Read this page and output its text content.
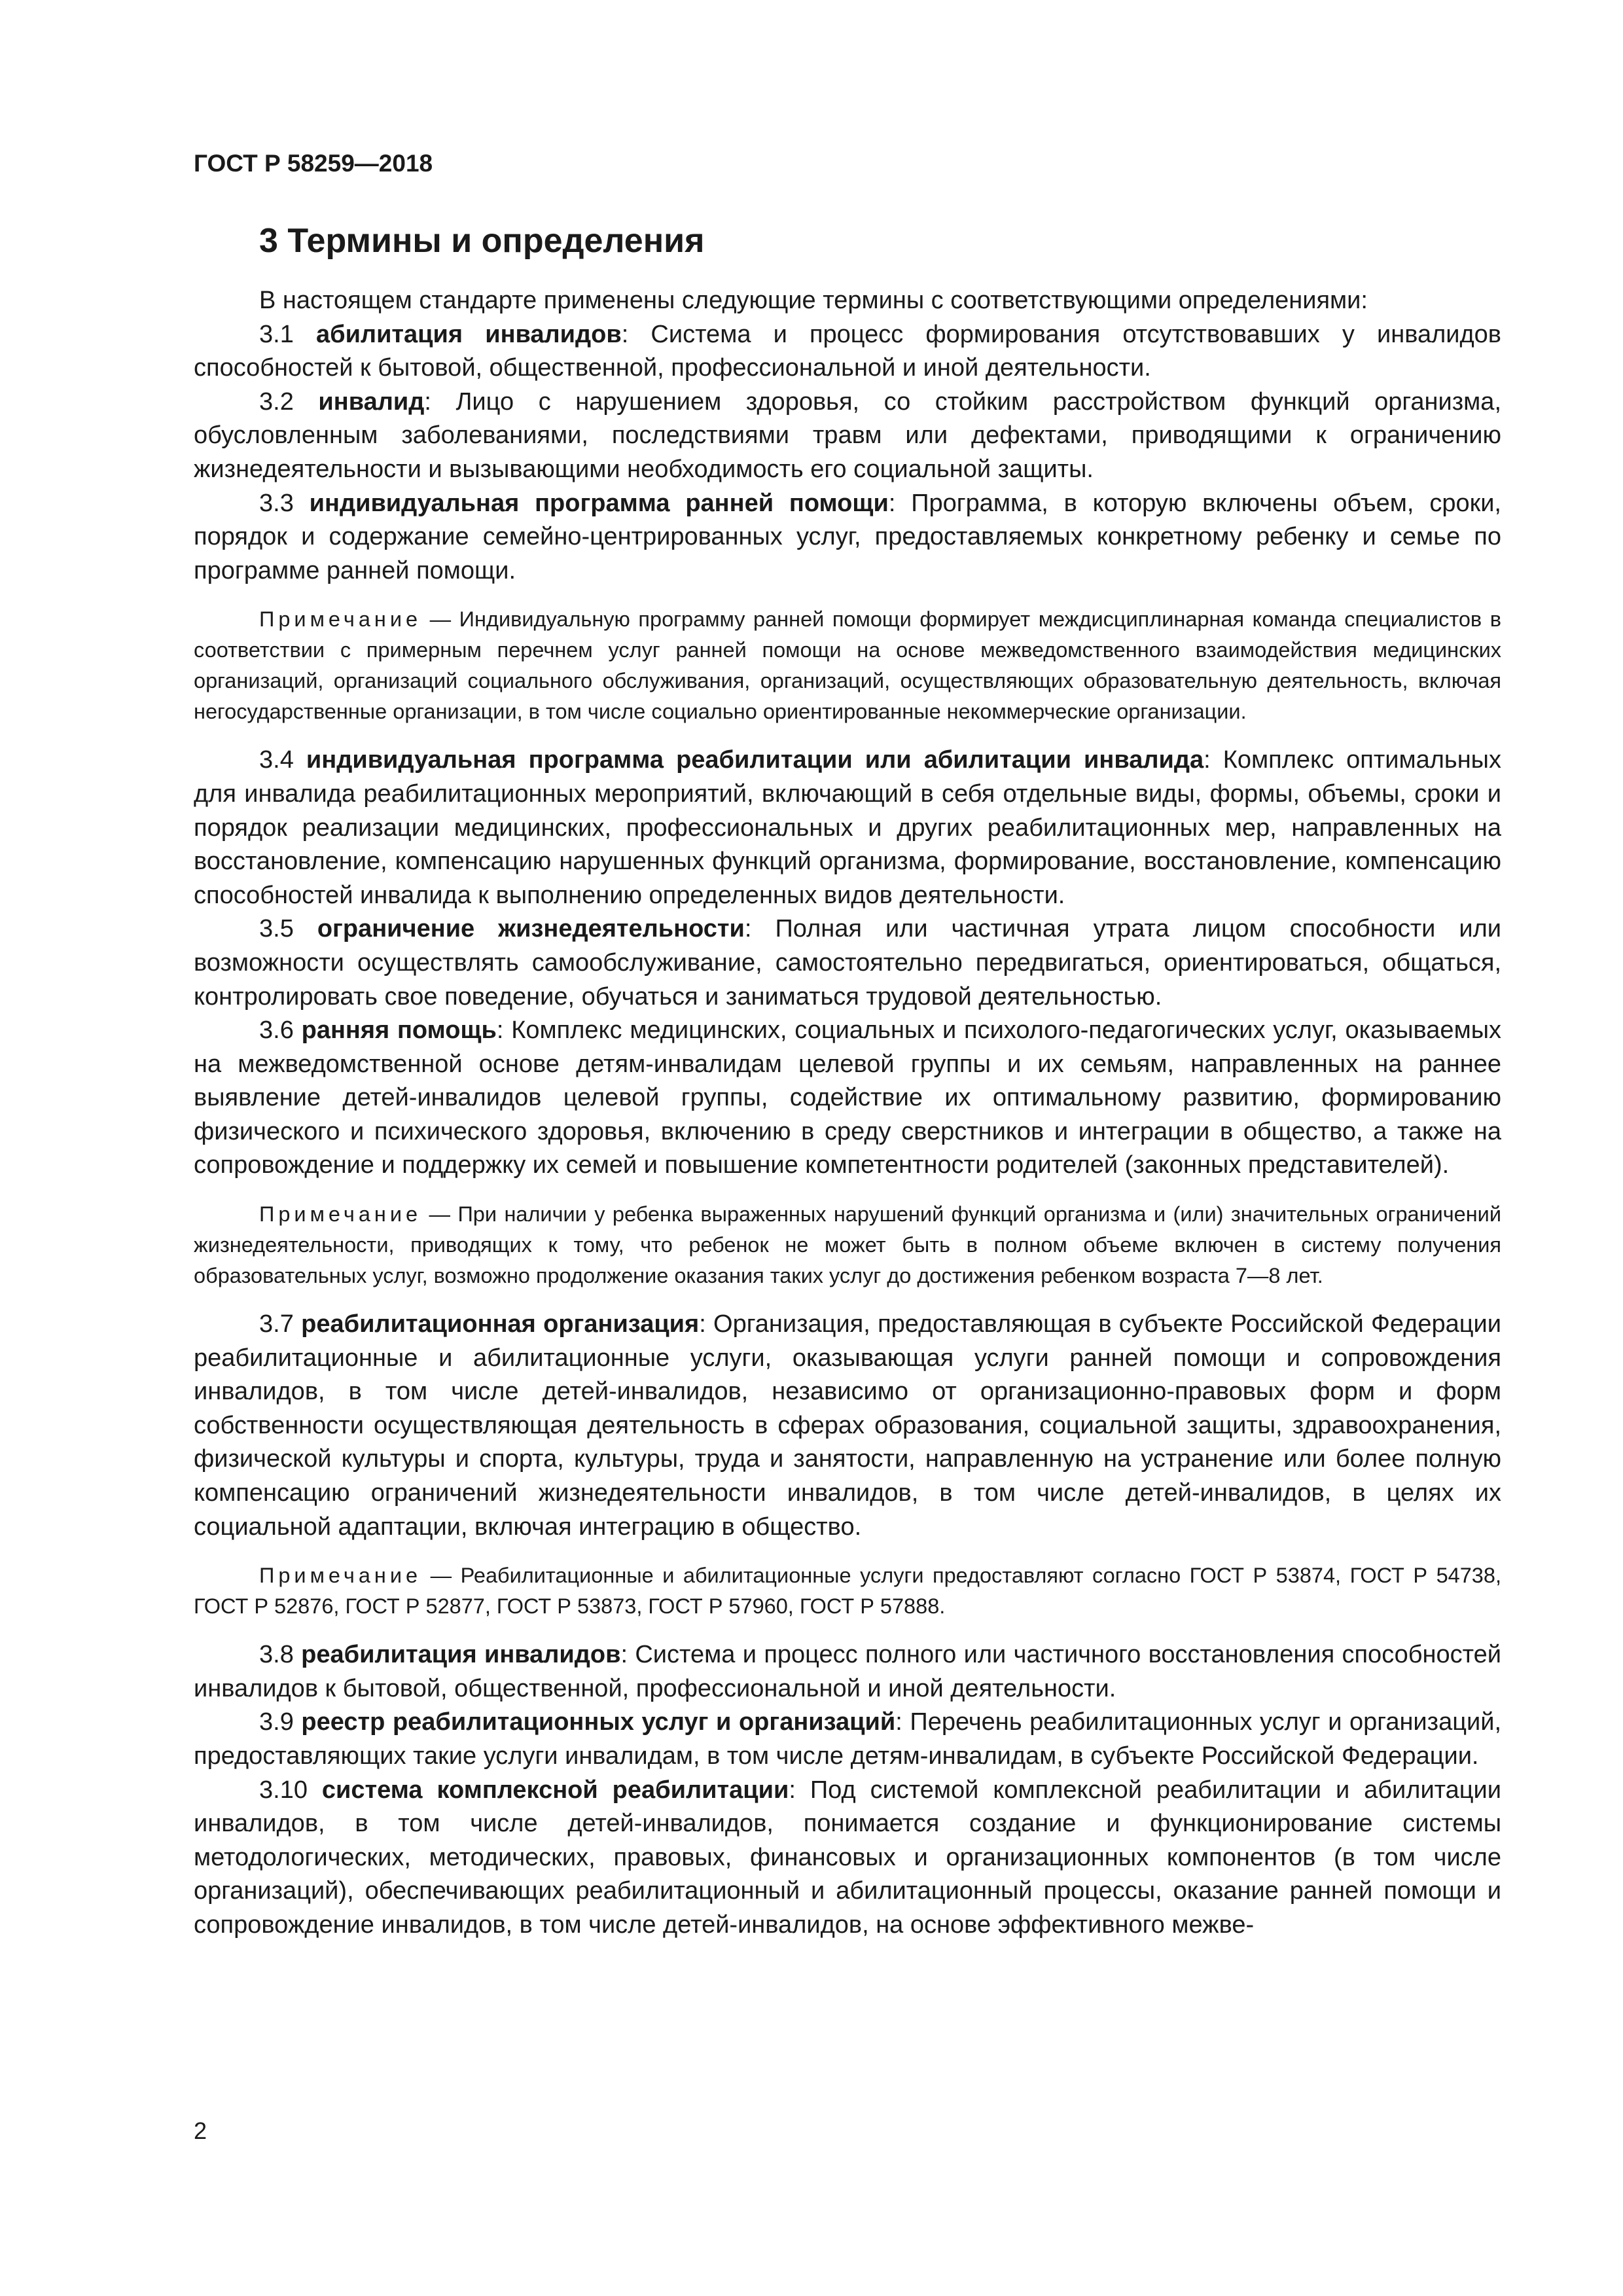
ГОСТ Р 58259—2018
3 Термины и определения

В настоящем стандарте применены следующие термины с соответствующими определениями:

3.1 абилитация инвалидов: Система и процесс формирования отсутствовавших у инвалидов способностей к бытовой, общественной, профессиональной и иной деятельности.

3.2 инвалид: Лицо с нарушением здоровья, со стойким расстройством функций организма, обусловленным заболеваниями, последствиями травм или дефектами, приводящими к ограничению жизнедеятельности и вызывающими необходимость его социальной защиты.

3.3 индивидуальная программа ранней помощи: Программа, в которую включены объем, сроки, порядок и содержание семейно-центрированных услуг, предоставляемых конкретному ребенку и семье по программе ранней помощи.

Примечание — Индивидуальную программу ранней помощи формирует междисциплинарная команда специалистов в соответствии с примерным перечнем услуг ранней помощи на основе межведомственного взаимодействия медицинских организаций, организаций социального обслуживания, организаций, осуществляющих образовательную деятельность, включая негосударственные организации, в том числе социально ориентированные некоммерческие организации.

3.4 индивидуальная программа реабилитации или абилитации инвалида: Комплекс оптимальных для инвалида реабилитационных мероприятий, включающий в себя отдельные виды, формы, объемы, сроки и порядок реализации медицинских, профессиональных и других реабилитационных мер, направленных на восстановление, компенсацию нарушенных функций организма, формирование, восстановление, компенсацию способностей инвалида к выполнению определенных видов деятельности.

3.5 ограничение жизнедеятельности: Полная или частичная утрата лицом способности или возможности осуществлять самообслуживание, самостоятельно передвигаться, ориентироваться, общаться, контролировать свое поведение, обучаться и заниматься трудовой деятельностью.

3.6 ранняя помощь: Комплекс медицинских, социальных и психолого-педагогических услуг, оказываемых на межведомственной основе детям-инвалидам целевой группы и их семьям, направленных на раннее выявление детей-инвалидов целевой группы, содействие их оптимальному развитию, формированию физического и психического здоровья, включению в среду сверстников и интеграции в общество, а также на сопровождение и поддержку их семей и повышение компетентности родителей (законных представителей).

Примечание — При наличии у ребенка выраженных нарушений функций организма и (или) значительных ограничений жизнедеятельности, приводящих к тому, что ребенок не может быть в полном объеме включен в систему получения образовательных услуг, возможно продолжение оказания таких услуг до достижения ребенком возраста 7—8 лет.

3.7 реабилитационная организация: Организация, предоставляющая в субъекте Российской Федерации реабилитационные и абилитационные услуги, оказывающая услуги ранней помощи и сопровождения инвалидов, в том числе детей-инвалидов, независимо от организационно-правовых форм и форм собственности осуществляющая деятельность в сферах образования, социальной защиты, здравоохранения, физической культуры и спорта, культуры, труда и занятости, направленную на устранение или более полную компенсацию ограничений жизнедеятельности инвалидов, в том числе детей-инвалидов, в целях их социальной адаптации, включая интеграцию в общество.

Примечание — Реабилитационные и абилитационные услуги предоставляют согласно ГОСТ Р 53874, ГОСТ Р 54738, ГОСТ Р 52876, ГОСТ Р 52877, ГОСТ Р 53873, ГОСТ Р 57960, ГОСТ Р 57888.

3.8 реабилитация инвалидов: Система и процесс полного или частичного восстановления способностей инвалидов к бытовой, общественной, профессиональной и иной деятельности.

3.9 реестр реабилитационных услуг и организаций: Перечень реабилитационных услуг и организаций, предоставляющих такие услуги инвалидам, в том числе детям-инвалидам, в субъекте Российской Федерации.

3.10 система комплексной реабилитации: Под системой комплексной реабилитации и абилитации инвалидов, в том числе детей-инвалидов, понимается создание и функционирование системы методологических, методических, правовых, финансовых и организационных компонентов (в том числе организаций), обеспечивающих реабилитационный и абилитационный процессы, оказание ранней помощи и сопровождение инвалидов, в том числе детей-инвалидов, на основе эффективного межве-

2
